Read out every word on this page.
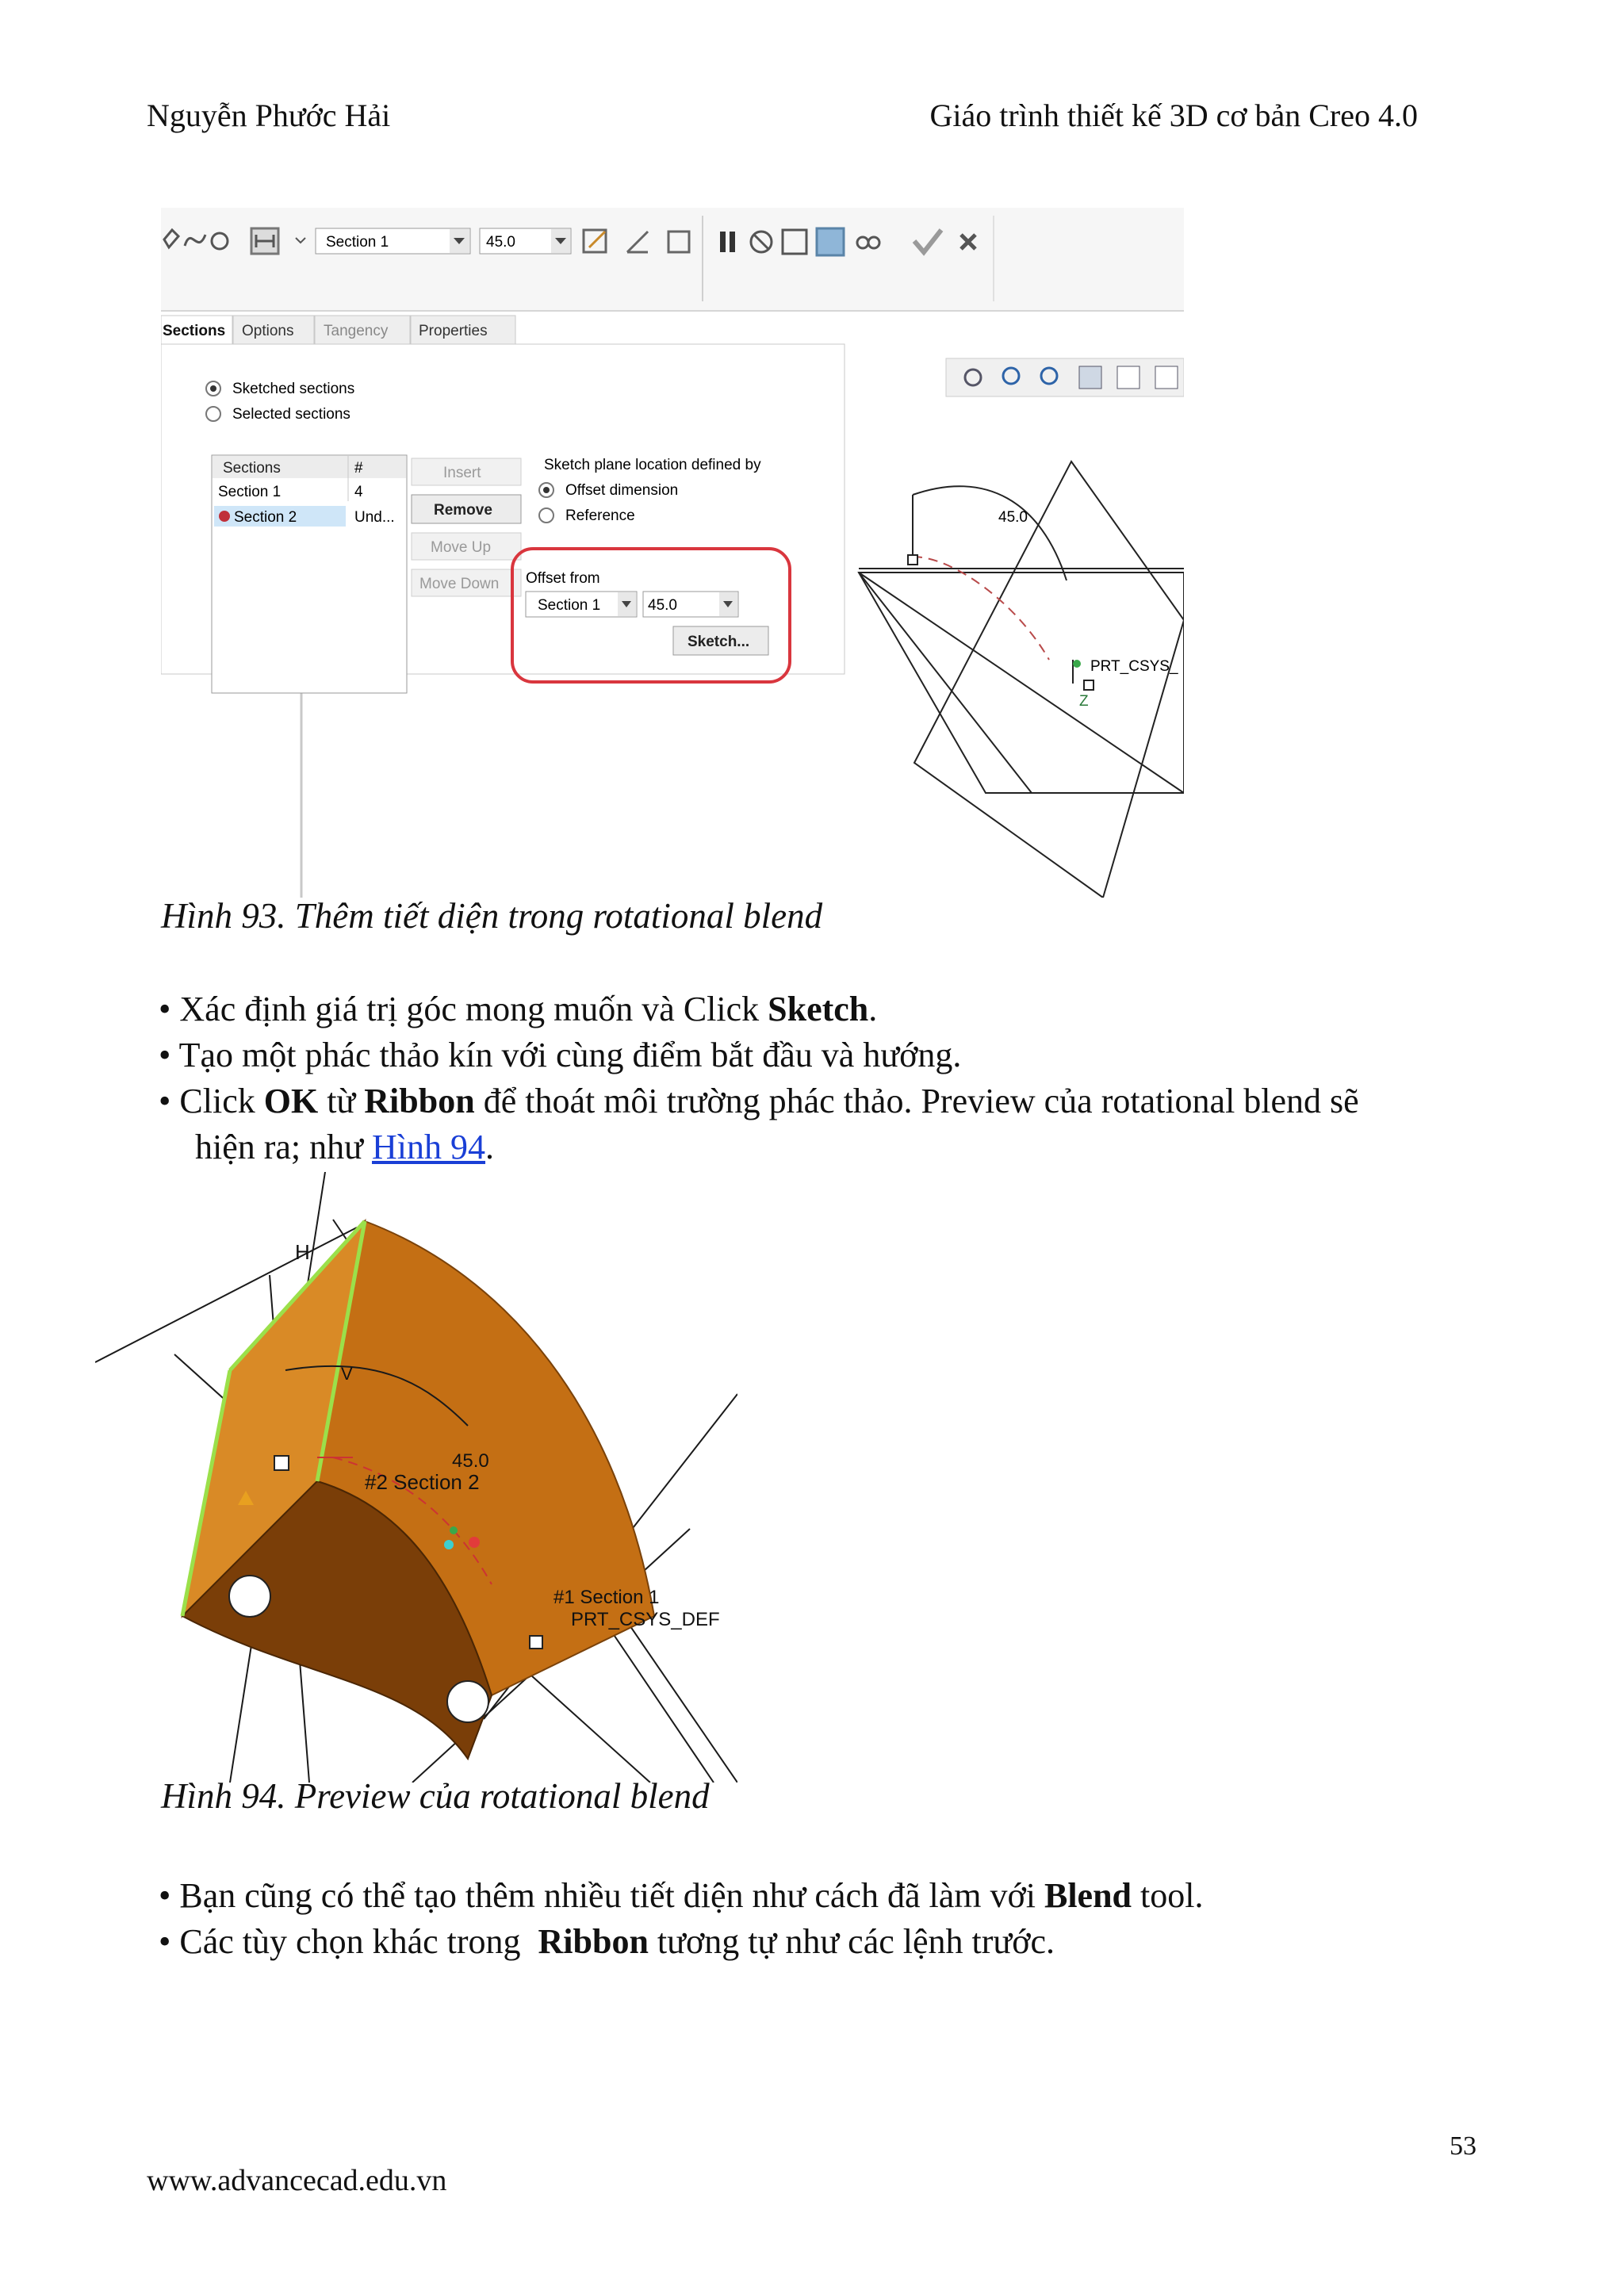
Nguyễn Phước Hải	Giáo trình thiết kế 3D cơ bản Creo 4.0
Section 1	45.0
Sections Options Tangency Properties
Sketched sections
Selected sections
Sections	#
Section 1	4
Section 2	Und...
Insert
Remove
Move Up
Move Down
Sketch plane location defined by
Offset dimension
Reference
Offset from
Section 1	45.0
Sketch...
45.0
PRT_CSYS_
Z
Hình 93. Thêm tiết diện trong rotational blend
• Xác định giá trị góc mong muốn và Click Sketch.
• Tạo một phác thảo kín với cùng điểm bắt đầu và hướng.
• Click OK từ Ribbon để thoát môi trường phác thảo. Preview của rotational blend sẽ
hiện ra; như Hình 94.
H
V
45.0
#2 Section 2
#1 Section 1
PRT_CSYS_DEF
Hình 94. Preview của rotational blend
• Bạn cũng có thể tạo thêm nhiều tiết diện như cách đã làm với Blend tool.
• Các tùy chọn khác trong  Ribbon tương tự như các lệnh trước.
53
www.advancecad.edu.vn
